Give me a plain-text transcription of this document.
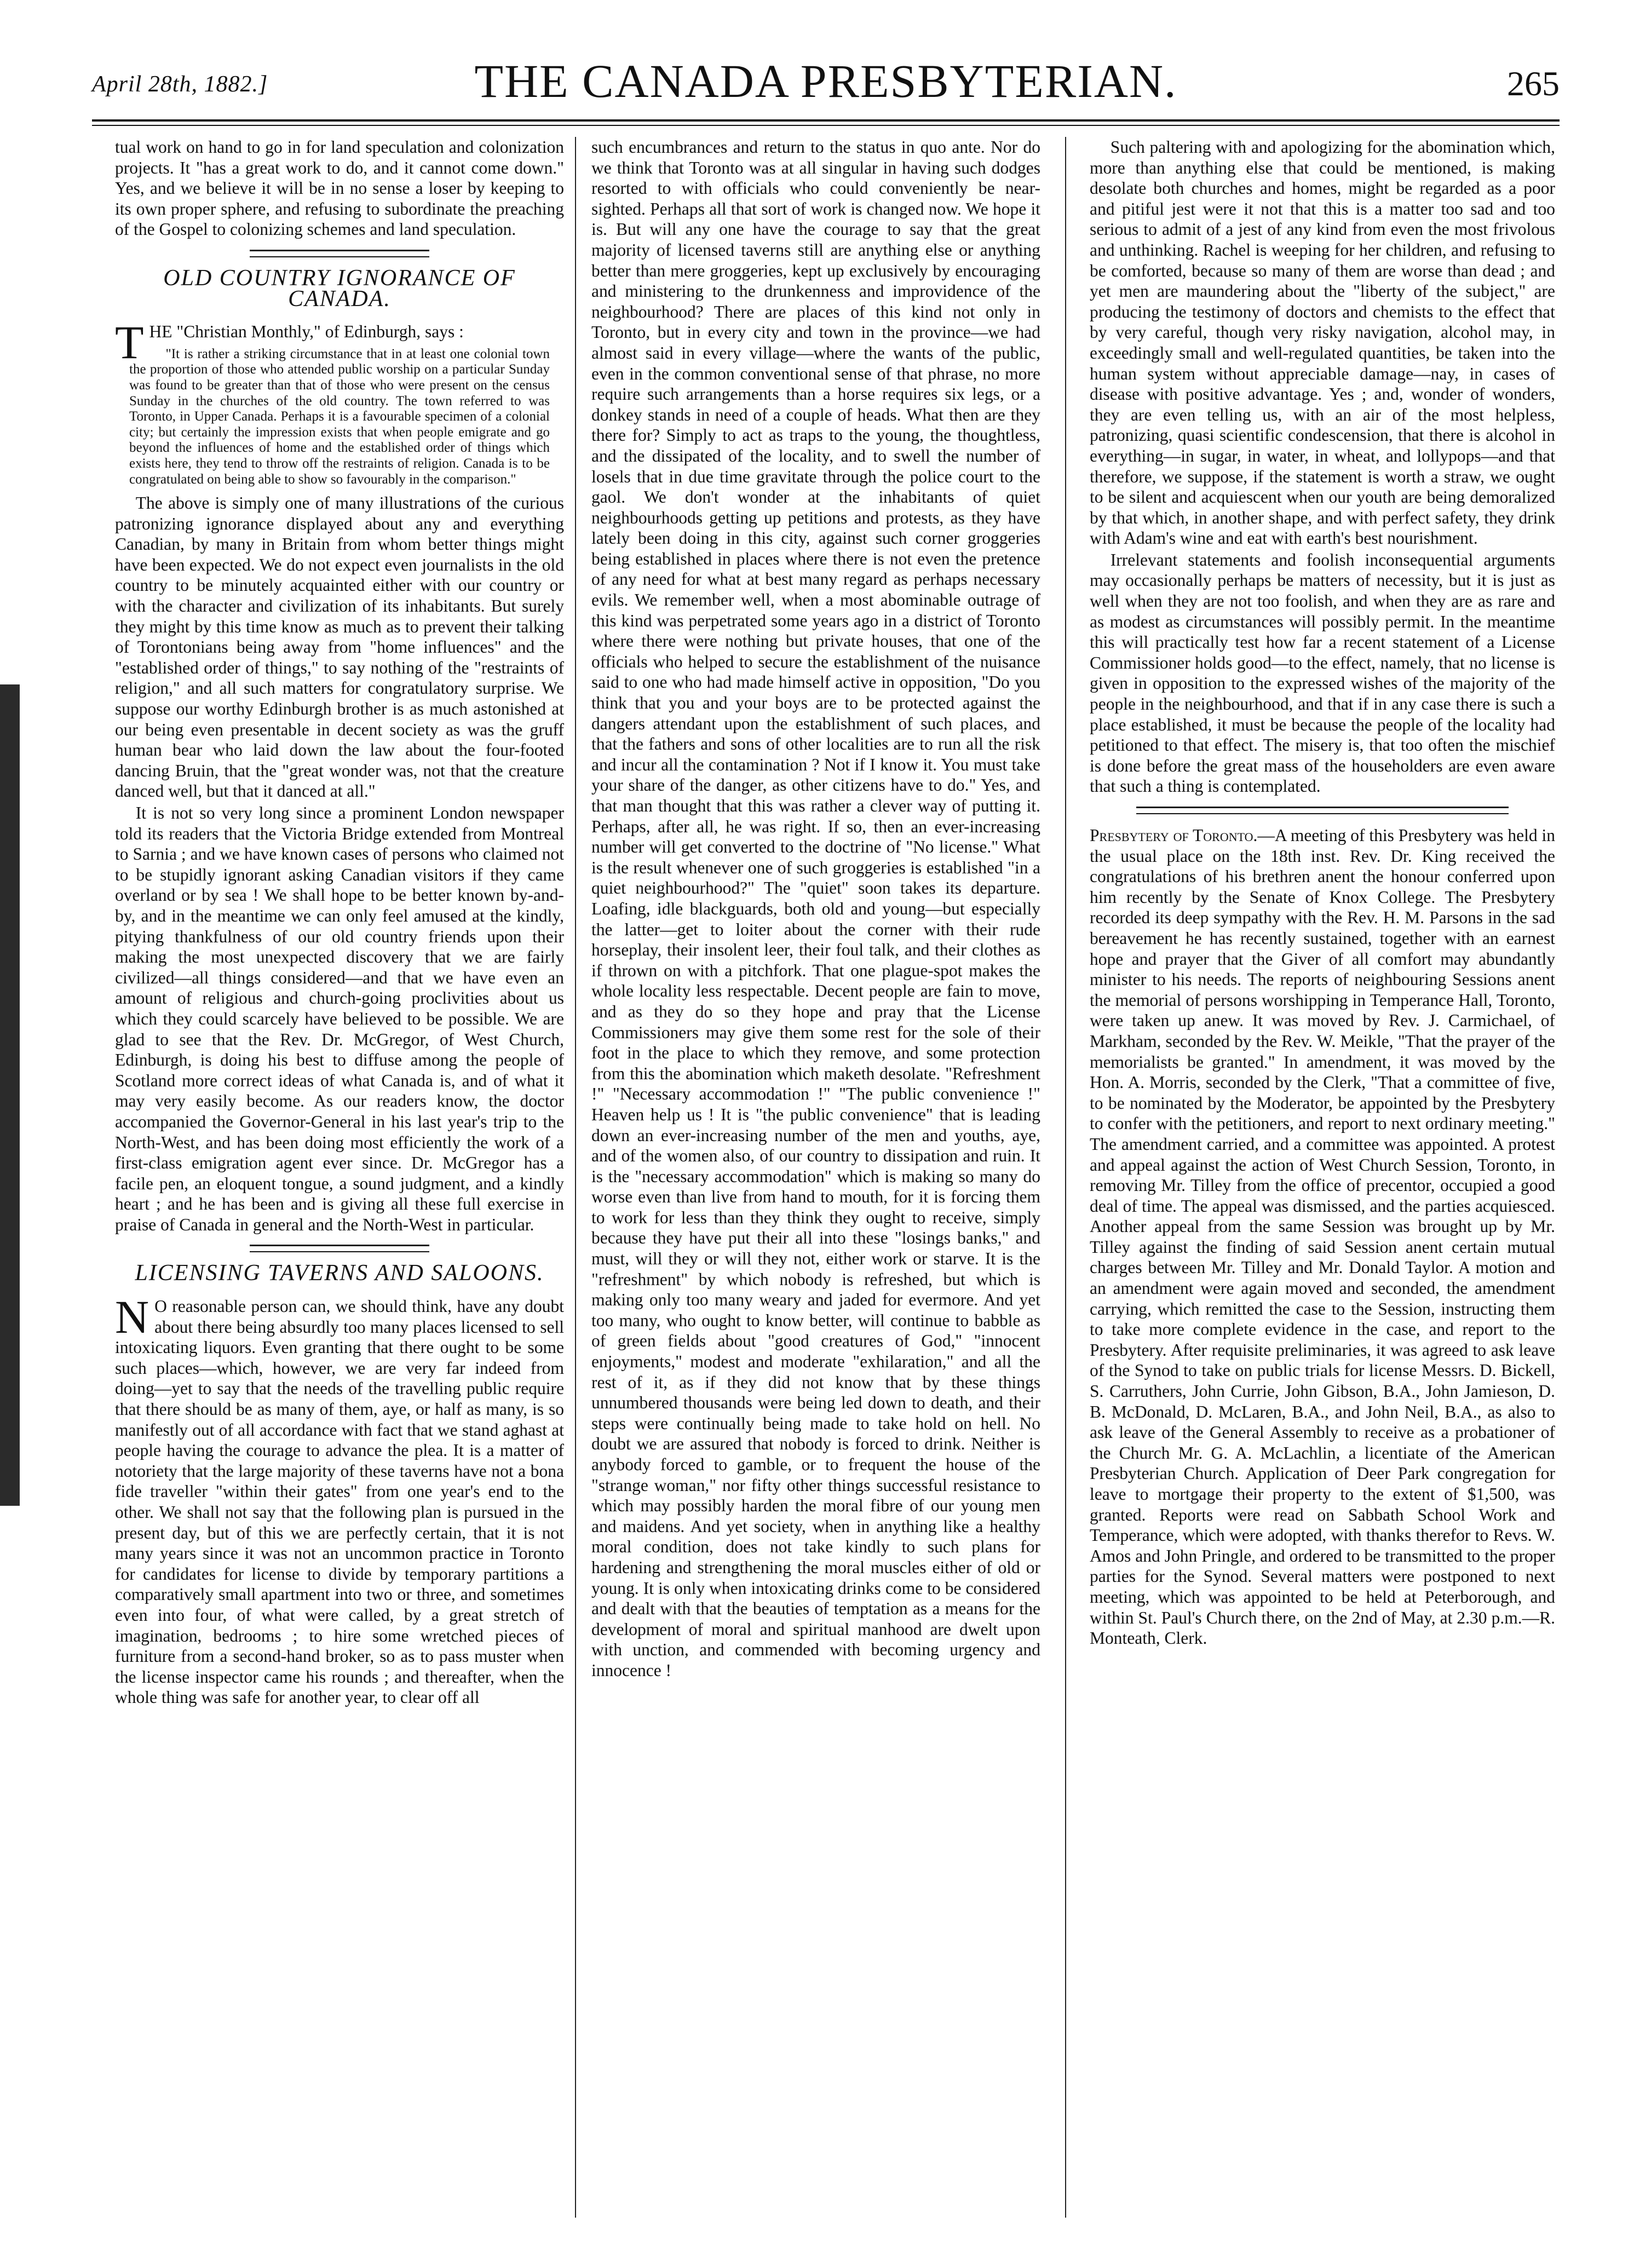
April 28th, 1882.]	THE CANADA PRESBYTERIAN.	265

tual work on hand to go in for land speculation and colonization projects. It "has a great work to do, and it cannot come down." Yes, and we believe it will be in no sense a loser by keeping to its own proper sphere, and refusing to subordinate the preaching of the Gospel to colonizing schemes and land speculation.

OLD COUNTRY IGNORANCE OF CANADA.

THE "Christian Monthly," of Edinburgh, says :

"It is rather a striking circumstance that in at least one colonial town the proportion of those who attended public worship on a particular Sunday was found to be greater than that of those who were present on the census Sunday in the churches of the old country. The town referred to was Toronto, in Upper Canada. Perhaps it is a favourable specimen of a colonial city; but certainly the impression exists that when people emigrate and go beyond the influences of home and the established order of things which exists here, they tend to throw off the restraints of religion. Canada is to be congratulated on being able to show so favourably in the comparison."

The above is simply one of many illustrations of the curious patronizing ignorance displayed about any and everything Canadian, by many in Britain from whom better things might have been expected. We do not expect even journalists in the old country to be minutely acquainted either with our country or with the character and civilization of its inhabitants. But surely they might by this time know as much as to prevent their talking of Torontonians being away from "home influences" and the "established order of things," to say nothing of the "restraints of religion," and all such matters for congratulatory surprise. We suppose our worthy Edinburgh brother is as much astonished at our being even presentable in decent society as was the gruff human bear who laid down the law about the four-footed dancing Bruin, that the "great wonder was, not that the creature danced well, but that it danced at all."

It is not so very long since a prominent London newspaper told its readers that the Victoria Bridge extended from Montreal to Sarnia ; and we have known cases of persons who claimed not to be stupidly ignorant asking Canadian visitors if they came overland or by sea ! We shall hope to be better known by-and-by, and in the meantime we can only feel amused at the kindly, pitying thankfulness of our old country friends upon their making the most unexpected discovery that we are fairly civilized—all things considered—and that we have even an amount of religious and church-going proclivities about us which they could scarcely have believed to be possible. We are glad to see that the Rev. Dr. McGregor, of West Church, Edinburgh, is doing his best to diffuse among the people of Scotland more correct ideas of what Canada is, and of what it may very easily become. As our readers know, the doctor accompanied the Governor-General in his last year's trip to the North-West, and has been doing most efficiently the work of a first-class emigration agent ever since. Dr. McGregor has a facile pen, an eloquent tongue, a sound judgment, and a kindly heart ; and he has been and is giving all these full exercise in praise of Canada in general and the North-West in particular.

LICENSING TAVERNS AND SALOONS.

N O reasonable person can, we should think, have any doubt about there being absurdly too many places licensed to sell intoxicating liquors. Even granting that there ought to be some such places—which, however, we are very far indeed from doing—yet to say that the needs of the travelling public require that there should be as many of them, aye, or half as many, is so manifestly out of all accordance with fact that we stand aghast at people having the courage to advance the plea. It is a matter of notoriety that the large majority of these taverns have not a bona fide traveller "within their gates" from one year's end to the other. We shall not say that the following plan is pursued in the present day, but of this we are perfectly certain, that it is not many years since it was not an uncommon practice in Toronto for candidates for license to divide by temporary partitions a comparatively small apartment into two or three, and sometimes even into four, of what were called, by a great stretch of imagination, bedrooms ; to hire some wretched pieces of furniture from a second-hand broker, so as to pass muster when the license inspector came his rounds ; and thereafter, when the whole thing was safe for another year, to clear off all

such encumbrances and return to the status in quo ante. Nor do we think that Toronto was at all singular in having such dodges resorted to with officials who could conveniently be near-sighted. Perhaps all that sort of work is changed now. We hope it is. But will any one have the courage to say that the great majority of licensed taverns still are anything else or anything better than mere groggeries, kept up exclusively by encouraging and ministering to the drunkenness and improvidence of the neighbourhood? There are places of this kind not only in Toronto, but in every city and town in the province—we had almost said in every village—where the wants of the public, even in the common conventional sense of that phrase, no more require such arrangements than a horse requires six legs, or a donkey stands in need of a couple of heads. What then are they there for? Simply to act as traps to the young, the thoughtless, and the dissipated of the locality, and to swell the number of losels that in due time gravitate through the police court to the gaol. We don't wonder at the inhabitants of quiet neighbourhoods getting up petitions and protests, as they have lately been doing in this city, against such corner groggeries being established in places where there is not even the pretence of any need for what at best many regard as perhaps necessary evils. We remember well, when a most abominable outrage of this kind was perpetrated some years ago in a district of Toronto where there were nothing but private houses, that one of the officials who helped to secure the establishment of the nuisance said to one who had made himself active in opposition, "Do you think that you and your boys are to be protected against the dangers attendant upon the establishment of such places, and that the fathers and sons of other localities are to run all the risk and incur all the contamination ? Not if I know it. You must take your share of the danger, as other citizens have to do." Yes, and that man thought that this was rather a clever way of putting it. Perhaps, after all, he was right. If so, then an ever-increasing number will get converted to the doctrine of "No license." What is the result whenever one of such groggeries is established "in a quiet neighbourhood?" The "quiet" soon takes its departure. Loafing, idle blackguards, both old and young—but especially the latter—get to loiter about the corner with their rude horseplay, their insolent leer, their foul talk, and their clothes as if thrown on with a pitchfork. That one plague-spot makes the whole locality less respectable. Decent people are fain to move, and as they do so they hope and pray that the License Commissioners may give them some rest for the sole of their foot in the place to which they remove, and some protection from this the abomination which maketh desolate. "Refreshment !" "Necessary accommodation !" "The public convenience !" Heaven help us ! It is "the public convenience" that is leading down an ever-increasing number of the men and youths, aye, and of the women also, of our country to dissipation and ruin. It is the "necessary accommodation" which is making so many do worse even than live from hand to mouth, for it is forcing them to work for less than they think they ought to receive, simply because they have put their all into these "losings banks," and must, will they or will they not, either work or starve. It is the "refreshment" by which nobody is refreshed, but which is making only too many weary and jaded for evermore. And yet too many, who ought to know better, will continue to babble as of green fields about "good creatures of God," "innocent enjoyments," modest and moderate "exhilaration," and all the rest of it, as if they did not know that by these things unnumbered thousands were being led down to death, and their steps were continually being made to take hold on hell. No doubt we are assured that nobody is forced to drink. Neither is anybody forced to gamble, or to frequent the house of the "strange woman," nor fifty other things successful resistance to which may possibly harden the moral fibre of our young men and maidens. And yet society, when in anything like a healthy moral condition, does not take kindly to such plans for hardening and strengthening the moral muscles either of old or young. It is only when intoxicating drinks come to be considered and dealt with that the beauties of temptation as a means for the development of moral and spiritual manhood are dwelt upon with unction, and commended with becoming urgency and innocence !

Such paltering with and apologizing for the abomination which, more than anything else that could be mentioned, is making desolate both churches and homes, might be regarded as a poor and pitiful jest were it not that this is a matter too sad and too serious to admit of a jest of any kind from even the most frivolous and unthinking. Rachel is weeping for her children, and refusing to be comforted, because so many of them are worse than dead ; and yet men are maundering about the "liberty of the subject," are producing the testimony of doctors and chemists to the effect that by very careful, though very risky navigation, alcohol may, in exceedingly small and well-regulated quantities, be taken into the human system without appreciable damage—nay, in cases of disease with positive advantage. Yes ; and, wonder of wonders, they are even telling us, with an air of the most helpless, patronizing, quasi scientific condescension, that there is alcohol in everything—in sugar, in water, in wheat, and lollypops—and that therefore, we suppose, if the statement is worth a straw, we ought to be silent and acquiescent when our youth are being demoralized by that which, in another shape, and with perfect safety, they drink with Adam's wine and eat with earth's best nourishment.

Irrelevant statements and foolish inconsequential arguments may occasionally perhaps be matters of necessity, but it is just as well when they are not too foolish, and when they are as rare and as modest as circumstances will possibly permit. In the meantime this will practically test how far a recent statement of a License Commissioner holds good—to the effect, namely, that no license is given in opposition to the expressed wishes of the majority of the people in the neighbourhood, and that if in any case there is such a place established, it must be because the people of the locality had petitioned to that effect. The misery is, that too often the mischief is done before the great mass of the householders are even aware that such a thing is contemplated.

Presbytery of Toronto.—A meeting of this Presbytery was held in the usual place on the 18th inst. Rev. Dr. King received the congratulations of his brethren anent the honour conferred upon him recently by the Senate of Knox College. The Presbytery recorded its deep sympathy with the Rev. H. M. Parsons in the sad bereavement he has recently sustained, together with an earnest hope and prayer that the Giver of all comfort may abundantly minister to his needs. The reports of neighbouring Sessions anent the memorial of persons worshipping in Temperance Hall, Toronto, were taken up anew. It was moved by Rev. J. Carmichael, of Markham, seconded by the Rev. W. Meikle, "That the prayer of the memorialists be granted." In amendment, it was moved by the Hon. A. Morris, seconded by the Clerk, "That a committee of five, to be nominated by the Moderator, be appointed by the Presbytery to confer with the petitioners, and report to next ordinary meeting." The amendment carried, and a committee was appointed. A protest and appeal against the action of West Church Session, Toronto, in removing Mr. Tilley from the office of precentor, occupied a good deal of time. The appeal was dismissed, and the parties acquiesced. Another appeal from the same Session was brought up by Mr. Tilley against the finding of said Session anent certain mutual charges between Mr. Tilley and Mr. Donald Taylor. A motion and an amendment were again moved and seconded, the amendment carrying, which remitted the case to the Session, instructing them to take more complete evidence in the case, and report to the Presbytery. After requisite preliminaries, it was agreed to ask leave of the Synod to take on public trials for license Messrs. D. Bickell, S. Carruthers, John Currie, John Gibson, B.A., John Jamieson, D. B. McDonald, D. McLaren, B.A., and John Neil, B.A., as also to ask leave of the General Assembly to receive as a probationer of the Church Mr. G. A. McLachlin, a licentiate of the American Presbyterian Church. Application of Deer Park congregation for leave to mortgage their property to the extent of $1,500, was granted. Reports were read on Sabbath School Work and Temperance, which were adopted, with thanks therefor to Revs. W. Amos and John Pringle, and ordered to be transmitted to the proper parties for the Synod. Several matters were postponed to next meeting, which was appointed to be held at Peterborough, and within St. Paul's Church there, on the 2nd of May, at 2.30 p.m.—R. Monteath, Clerk.
